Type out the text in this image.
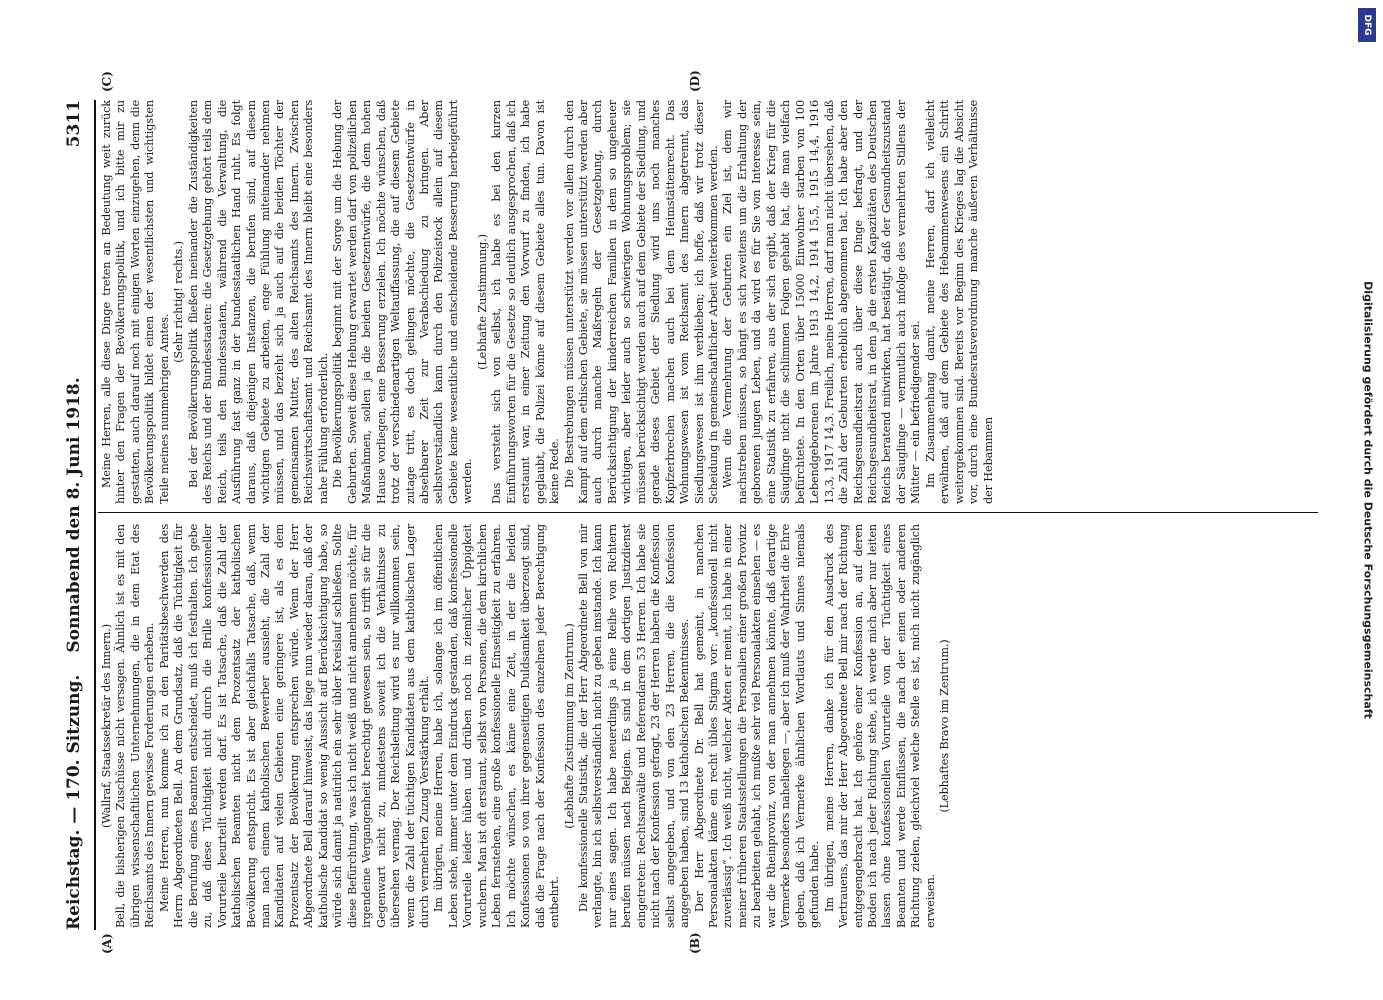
Reichstag. — 170. Sitzung.
Sonnabend den 8. Juni 1918.
5311
(A)	(B)
(C)	(D)

(Wallraf, Staatssekretär des Innern.) Bell, die bisherigen Zuschüsse nicht versagen. Ähnlich ist es mit den übrigen wissenschaftlichen Unternehmungen, die in dem Etat des Reichsamts des Innern gewisse Forderungen erheben. Meine Herren, nun komme ich zu den Paritätsbeschwerden des Herrn Abgeordneten Bell. An dem Grundsatz, daß die Tüchtigkeit für die Berufung eines Beamten entscheidet, muß ich festhalten. Ich gebe zu, daß diese Tüchtigkeit nicht durch die Brille konfessioneller Vorurteile beurteilt werden darf. Es ist Tatsache, daß die Zahl der katholischen Beamten nicht dem Prozentsatz der katholischen Bevölkerung entspricht. Es ist aber gleichfalls Tatsache, daß, wenn man nach einem katholischen Bewerber aussieht, die Zahl der Kandidaten auf vielen Gebieten eine geringere ist, als es dem Prozentsatz der Bevölkerung entsprechen würde. Wenn der Herr Abgeordnete Bell darauf hinweist, das liege nun wieder daran, daß der katholische Kandidat so wenig Aussicht auf Berücksichtigung habe, so würde sich damit ja natürlich ein sehr übler Kreislauf schließen. Sollte diese Befürchtung, was ich nicht weiß und nicht annehmen möchte, für irgendeine Vergangenheit berechtigt gewesen sein, so trifft sie für die Gegenwart nicht zu, mindestens soweit ich die Verhältnisse zu übersehen vermag. Der Reichsleitung wird es nur willkommen sein, wenn die Zahl der tüchtigen Kandidaten aus dem katholischen Lager durch vermehrten Zuzug Verstärkung erhält. Im übrigen, meine Herren, habe ich, solange ich im öffentlichen Leben stehe, immer unter dem Eindruck gestanden, daß konfessionelle Vorurteile leider hüben und drüben noch in ziemlicher Üppigkeit wuchern. Man ist oft erstaunt, selbst von Personen, die dem kirchlichen Leben fernstehen, eine große konfessionelle Einseitigkeit zu erfahren. Ich möchte wünschen, es käme eine Zeit, in der die beiden Konfessionen so von ihrer gegenseitigen Duldsamkeit überzeugt sind, daß die Frage nach der Konfession des einzelnen jeder Berechtigung entbehrt.

(Lebhafte Zustimmung im Zentrum.) Die konfessionelle Statistik, die der Herr Abgeordnete Bell von mir verlangte, bin ich selbstverständlich nicht zu geben imstande. Ich kann nur eines sagen. Ich habe neuerdings ja eine Reihe von Richtern berufen müssen nach Belgien. Es sind in dem dortigen Justizdienst eingetreten: Rechtsanwälte und Referendaren 53 Herren. Ich habe sie nicht nach der Konfession gefragt, 23 der Herren haben die Konfession selbst angegeben, und von den 23 Herren, die die Konfession angegeben haben, sind 13 katholischen Bekenntnisses. Der Herr Abgeordnete Dr. Bell hat gemeint, in manchen Personalakten käme ein recht übles Stigma vor: „konfessionell nicht zuverlässig“. Ich weiß nicht, welcher Akten er meint, ich habe in einer meiner früheren Staatsstellungen die Personalien einer großen Provinz zu bearbeiten gehabt, ich mußte sehr viel Personalakten einsehen — es war die Rheinprovinz, von der man annehmen könnte, daß derartige Vermerke besonders naheliegen —, aber ich muß der Wahrheit die Ehre geben, daß ich Vermerke ähnlichen Wortlauts und Sinnes niemals gefunden habe. Im übrigen, meine Herren, danke ich für den Ausdruck des Vertrauens, das mir der Herr Abgeordnete Bell mir nach der Richtung entgegengebracht hat. Ich gehöre einer Konfession an, auf deren Boden ich nach jeder Richtung stehe, ich werde mich aber nur leiten lassen ohne konfessionellen Vorurteile von der Tüchtigkeit eines Beamten und werde Einflüssen, die nach der einen oder anderen Richtung zielen, gleichviel welche Stelle es ist, mich nicht zugänglich erweisen.

(Lebhaftes Bravo im Zentrum.)

Meine Herren, alle diese Dinge treten an Bedeutung weit zurück hinter den Fragen der Bevölkerungspolitik, und ich bitte mir zu gestatten, auch darauf noch mit einigen Worten einzugehen, denn die Bevölkerungspolitik bildet einen der wesentlichsten und wichtigsten Teile meines nunmehrigen Amtes.

(Sehr richtig! rechts.) Bei der Bevölkerungspolitik fließen ineinander die Zuständigkeiten des Reichs und der Bundesstaaten: die Gesetzgebung gehört teils dem Reich, teils den Bundesstaaten, während die Verwaltung, die Ausführung fast ganz in der bundesstaatlichen Hand ruht. Es folgt daraus, daß diejenigen Instanzen, die berufen sind, auf diesem wichtigen Gebiete zu arbeiten, enge Fühlung miteinander nehmen müssen, und das bezieht sich ja auch auf die beiden Töchter der gemeinsamen Mutter, des alten Reichsamts des Innern. Zwischen Reichswirtschaftsamt und Reichsamt des Innern bleibt eine besonders nahe Fühlung erforderlich. Die Bevölkerungspolitik beginnt mit der Sorge um die Hebung der Geburten. Soweit diese Hebung erwartet werden darf von polizeilichen Maßnahmen, sollen ja die beiden Gesetzentwürfe, die dem hohen Hause vorliegen, eine Besserung erzielen. Ich möchte wünschen, daß trotz der verschiedenartigen Weltauffassung, die auf diesem Gebiete zutage tritt, es doch gelingen möchte, die Gesetzentwürfe in absehbarer Zeit zur Verabschiedung zu bringen. Aber selbstverständlich kann durch den Polizeistock allein auf diesem Gebiete keine wesentliche und entscheidende Besserung herbeigeführt werden.

(Lebhafte Zustimmung.) Das versteht sich von selbst, ich habe es bei den kurzen Einführungsworten für die Gesetze so deutlich ausgesprochen, daß ich erstaunt war, in einer Zeitung den Vorwurf zu finden, ich habe geglaubt, die Polizei könne auf diesem Gebiete alles tun. Davon ist keine Rede. Die Bestrebungen müssen unterstützt werden vor allem durch den Kampf auf dem ethischen Gebiete, sie müssen unterstützt werden aber auch durch manche Maßregeln der Gesetzgebung, durch Berücksichtigung der kinderreichen Familien in dem so ungeheuer wichtigen, aber leider auch so schwierigen Wohnungsproblem; sie müssen berücksichtigt werden auch auf dem Gebiete der Siedlung, und gerade dieses Gebiet der Siedlung wird uns noch manches Kopfzerbrechen machen auch bei dem Heimstättenrecht. Das Wohnungswesen ist vom Reichsamt des Innern abgetrennt, das Siedlungswesen ist ihm verblieben; ich hoffe, daß wir trotz dieser Scheidung in gemeinschaftlicher Arbeit weiterkommen werden. Wenn die Vermehrung der Geburten ein Ziel ist, dem wir nachstreben müssen, so hängt es sich zweitens um die Erhaltung der geborenen jungen Leben, und da wird es für Sie von Interesse sein, eine Statistik zu erfahren, aus der sich ergibt, daß der Krieg für die Säuglinge nicht die schlimmen Folgen gehabt hat, die man vielfach befürchtete. In den Orten über 15000 Einwohner starben von 100 Lebendgeborenen im Jahre 1913 14,2, 1914 15,5, 1915 14,4, 1916 13,3, 1917 14,3. Freilich, meine Herren, darf man nicht übersehen, daß die Zahl der Geburten erheblich abgenommen hat. Ich habe aber den Reichsgesundheitsrat auch über diese Dinge befragt, und der Reichsgesundheitsrat, in dem ja die ersten Kapazitäten des Deutschen Reichs beratend mitwirken, hat bestätigt, daß der Gesundheitszustand der Säuglinge — vermutlich auch infolge des vermehrten Stillens der Mütter — ein befriedigender sei. Im Zusammenhang damit, meine Herren, darf ich vielleicht erwähnen, daß auf dem Gebiete des Hebammenwesens ein Schritt weitergekommen sind. Bereits vor Beginn des Krieges lag die Absicht vor, durch eine Bundesratsverordnung manche äußeren Verhältnisse der Hebammen	Digitalisierung gefördert durch die Deutsche Forschungsgemeinschaft
DFG
